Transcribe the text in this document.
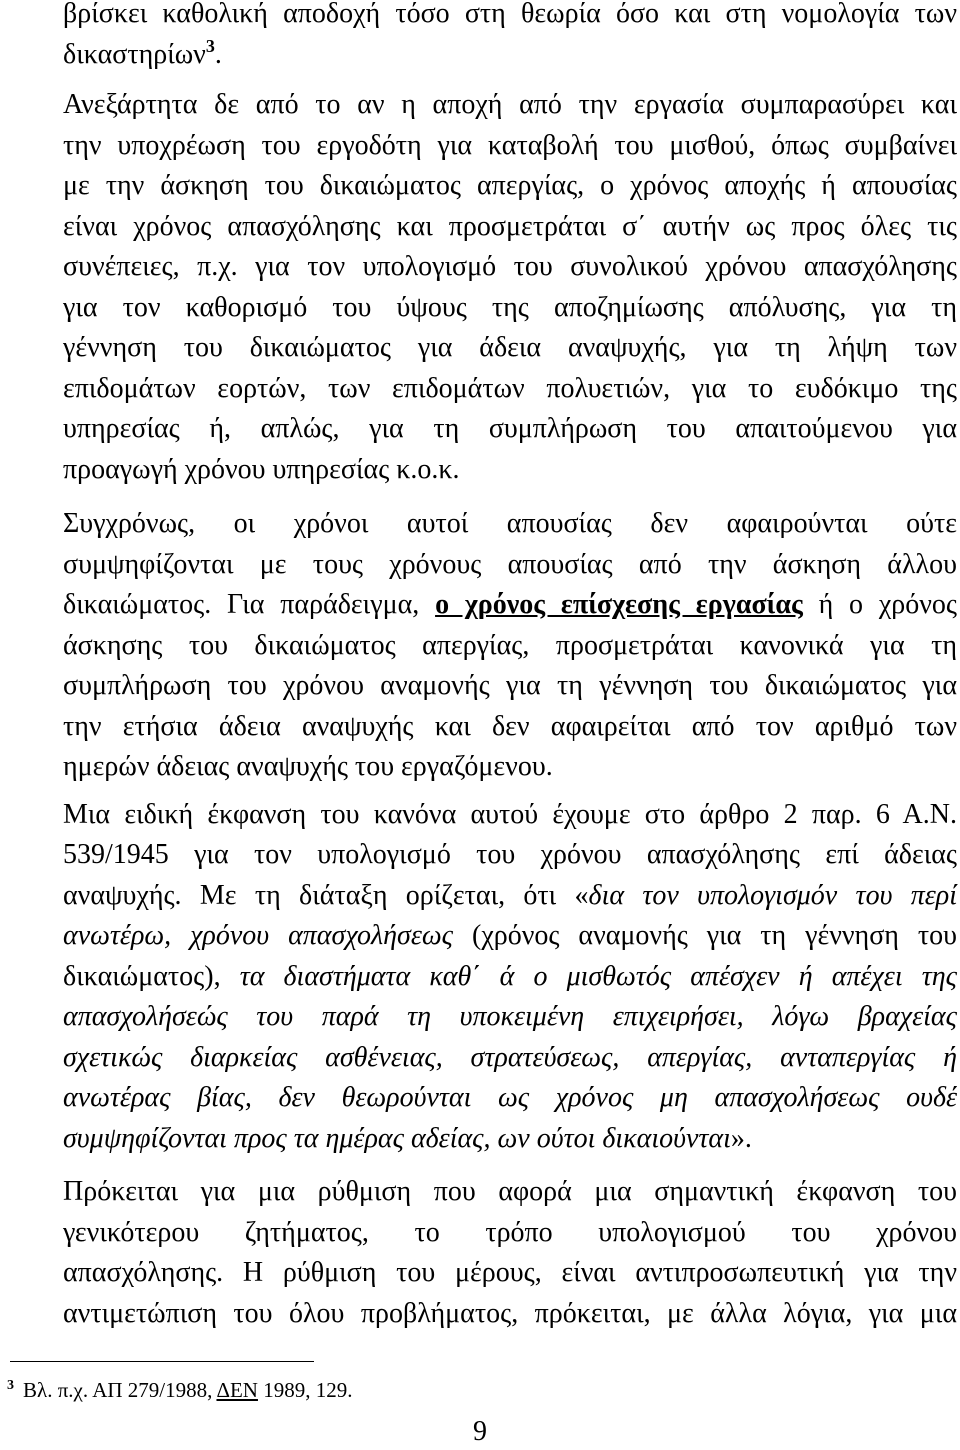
βρίσκει καθολική αποδοχή τόσο στη θεωρία όσο και στη νομολογία των
δικαστηρίων$^3$.
Ανεξάρτητα δε από το αν η αποχή από την εργασία συμπαρασύρει και
την υποχρέωση του εργοδότη για καταβολή του μισθού, όπως συμβαίνει
με την άσκηση του δικαιώματος απεργίας, ο χρόνος αποχής ή απουσίας
είναι χρόνος απασχόλησης και προσμετράται σ΄ αυτήν ως προς όλες τις
συνέπειες, π.χ. για τον υπολογισμό του συνολικού χρόνου απασχόλησης
για τον καθορισμό του ύψους της αποζημίωσης απόλυσης, για τη
γέννηση του δικαιώματος για άδεια αναψυχής, για τη λήψη των
επιδομάτων εορτών, των επιδομάτων πολυετιών, για το ευδόκιμο της
υπηρεσίας ή, απλώς, για τη συμπλήρωση του απαιτούμενου για
προαγωγή χρόνου υπηρεσίας κ.ο.κ.
Συγχρόνως, οι χρόνοι αυτοί απουσίας δεν αφαιρούνται ούτε
συμψηφίζονται με τους χρόνους απουσίας από την άσκηση άλλου
δικαιώματος. Για παράδειγμα, ο χρόνος επίσχεσης εργασίας ή ο χρόνος
άσκησης του δικαιώματος απεργίας, προσμετράται κανονικά για τη
συμπλήρωση του χρόνου αναμονής για τη γέννηση του δικαιώματος για
την ετήσια άδεια αναψυχής και δεν αφαιρείται από τον αριθμό των
ημερών άδειας αναψυχής του εργαζόμενου.
Μια ειδική έκφανση του κανόνα αυτού έχουμε στο άρθρο 2 παρ. 6 Α.Ν.
539/1945 για τον υπολογισμό του χρόνου απασχόλησης επί άδειας
αναψυχής. Με τη διάταξη ορίζεται, ότι «δια τον υπολογισμόν του περί
ανωτέρω, χρόνου απασχολήσεως (χρόνος αναμονής για τη γέννηση του
δικαιώματος), τα διαστήματα καθ΄ ά ο μισθωτός απέσχεν ή απέχει της
απασχολήσεώς του παρά τη υποκειμένη επιχειρήσει, λόγω βραχείας
σχετικώς διαρκείας ασθένειας, στρατεύσεως, απεργίας, ανταπεργίας ή
ανωτέρας βίας, δεν θεωρούνται ως χρόνος μη απασχολήσεως ουδέ
συμψηφίζονται προς τα ημέρας αδείας, ων ούτοι δικαιούνται».
Πρόκειται για μια ρύθμιση που αφορά μια σημαντική έκφανση του
γενικότερου ζητήματος, το τρόπο υπολογισμού του χρόνου
απασχόλησης. Η ρύθμιση του μέρους, είναι αντιπροσωπευτική για την
αντιμετώπιση του όλου προβλήματος, πρόκειται, με άλλα λόγια, για μια
$^3$ Βλ. π.χ. ΑΠ 279/1988, ΔΕΝ 1989, 129.
9
